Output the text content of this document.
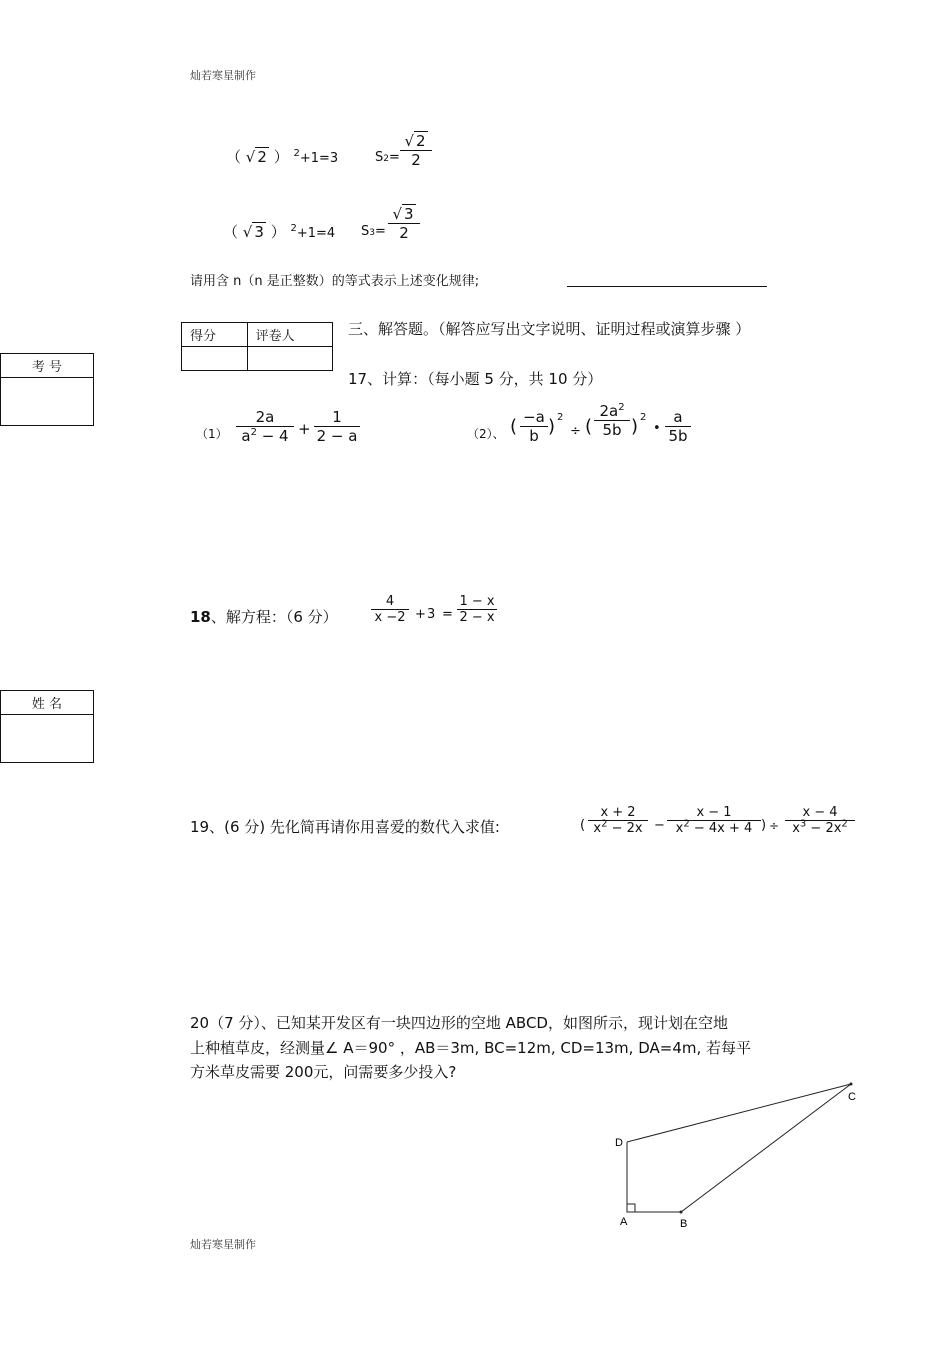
灿若寒星制作
灿若寒星制作
（ √ 2 ） $^2$+1=3	S2=
√ 2
2
（ √ 3 ） $^2$+1=4 S3=
√ 3
2
请用含 n（n 是正整数）的等式表示上述变化规律;
得分	评卷人

考 号

姓 名

三、解答题。（解答应写出文字说明、证明过程或演算步骤 ）
17、计算：（每小题 5 分，共 10 分）
（1）
2a
$a^2 - 4$ +
1
2 − a	（2）、 ( −a
b ) 2
÷ (
$2a^2$
5b ) 2
•
a
5b
18、解方程：（6 分）
4
x −2 + 3 =
1 − x
2 − x
19、(6 分) 先化简再请你用喜爱的数代入求值:	(
x + 2
$x^2 - 2x$ −
x − 1
$x^2 - 4x + 4$ ) ÷
x − 4
$x^3 - 2x^2$
20（7 分）、已知某开发区有一块四边形的空地 ABCD，如图所示，现计划在空地
上种植草皮，经测量∠ A＝90° ，AB＝3m, BC=12m, CD=13m, DA=4m, 若每平
方米草皮需要 200元，问需要多少投入?
A	B
C
D
